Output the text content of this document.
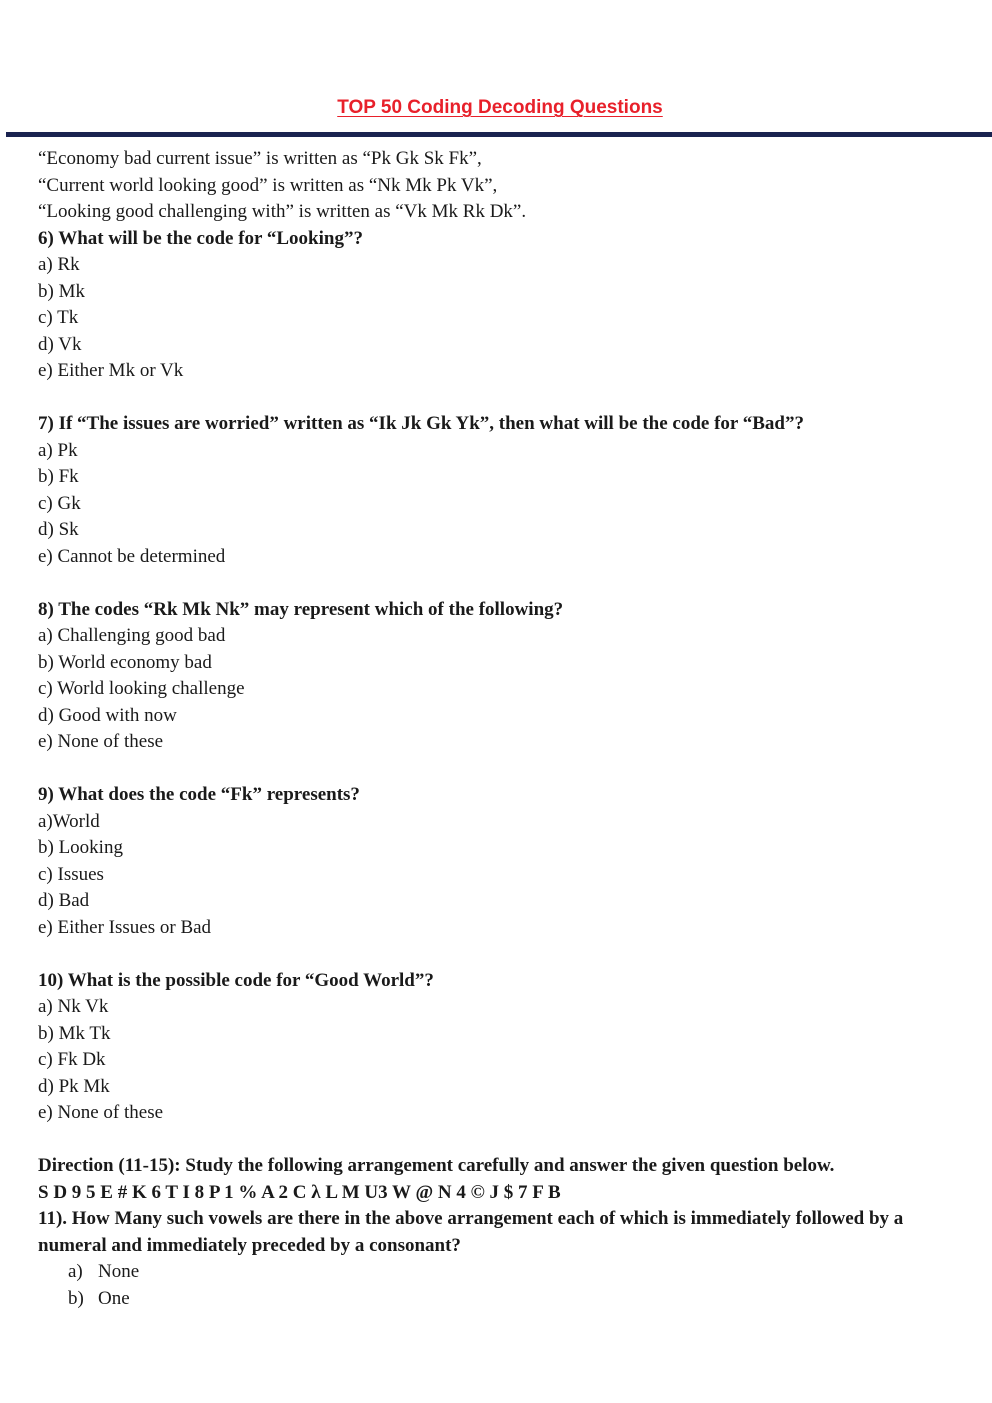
TOP 50 Coding Decoding Questions
“Economy bad current issue” is written as “Pk Gk Sk Fk”,
“Current world looking good” is written as “Nk Mk Pk Vk”,
“Looking good challenging with” is written as “Vk Mk Rk Dk”.
6) What will be the code for “Looking”?
a) Rk
b) Mk
c) Tk
d) Vk
e) Either Mk or Vk
7) If “The issues are worried” written as “Ik Jk Gk Yk”, then what will be the code for “Bad”?
a) Pk
b) Fk
c) Gk
d) Sk
e) Cannot be determined
8) The codes “Rk Mk Nk” may represent which of the following?
a) Challenging good bad
b) World economy bad
c) World looking challenge
d) Good with now
e) None of these
9) What does the code “Fk” represents?
a)World
b) Looking
c) Issues
d) Bad
e) Either Issues or Bad
10) What is the possible code for “Good World”?
a) Nk Vk
b) Mk Tk
c) Fk Dk
d) Pk Mk
e) None of these
Direction (11-15): Study the following arrangement carefully and answer the given question below.
S D 9 5 E # K 6 T I 8 P 1 % A 2 C λ L M U3 W @ N 4 © J $ 7 F B
11). How Many such vowels are there in the above arrangement each of which is immediately followed by a numeral and immediately preceded by a consonant?
a) None
b) One
